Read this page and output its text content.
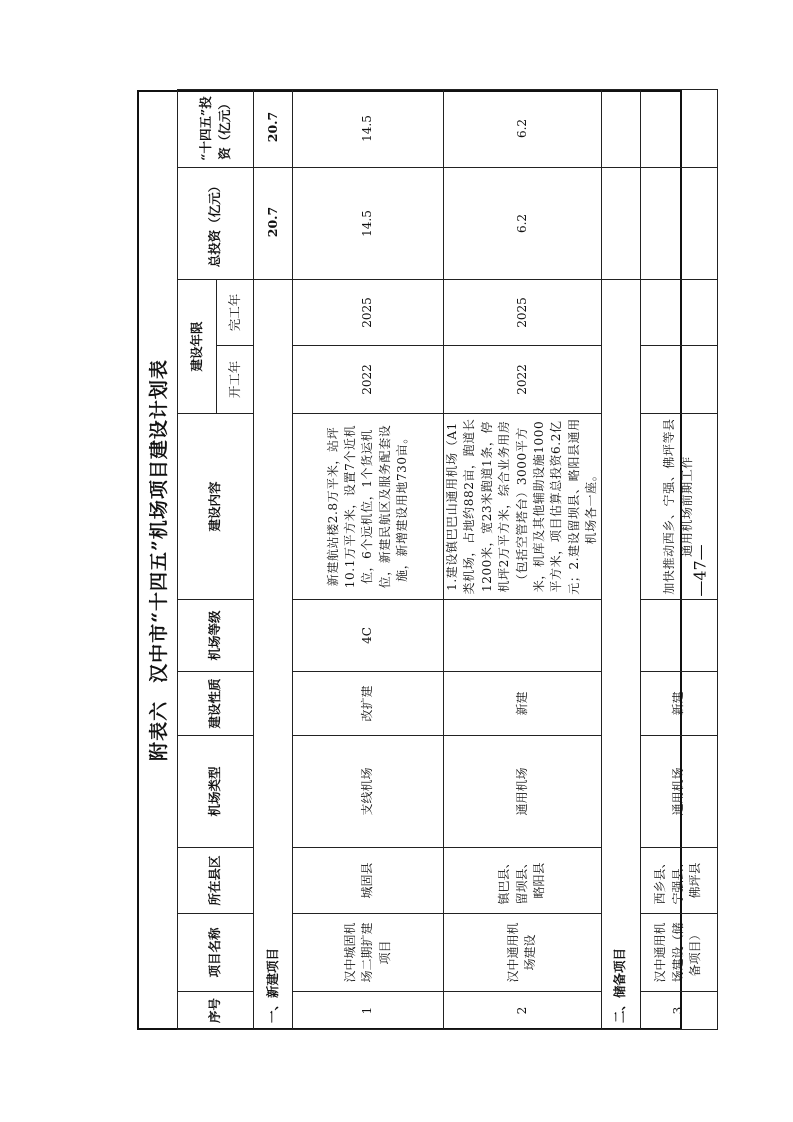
附表六
汉中市“十四五”机场项目建设计划表
序号	项目名称	所在县区	机场类型	建设性质	机场等级	建设内容	建设年限		总投资（亿元）	“十四五”投资（亿元）
							开工年	完工年		
一、新建项目									20.7	20.7
1	汉中城固机场二期扩建项目	城固县	支线机场	改扩建	4C	新建航站楼2.8万平米，站坪10.1万平方米，设置7个近机位，6个远机位，1个货运机位，新建民航区及服务配套设施，新增建设用地730亩。	2022	2025	14.5	14.5
2	汉中通用机场建设	镇巴县、留坝县、略阳县	通用机场	新建		1.建设镇巴巴山通用机场（A1类机场，占地约882亩，跑道长1200米，宽23米跑道1条，停机坪2万平方米，综合业务用房（包括空管塔台）3000平方米，机库及其他辅助设施1000平方米，项目估算总投资6.2亿元；2.建设留坝县、略阳县通用机场各一座。	2022	2025	6.2	6.2
二、储备项目										
3	汉中通用机场建设（储备项目）	西乡县、宁强县、佛坪县	通用机场	新建		加快推动西乡、宁强、佛坪等县通用机场前期工作				
—47—
